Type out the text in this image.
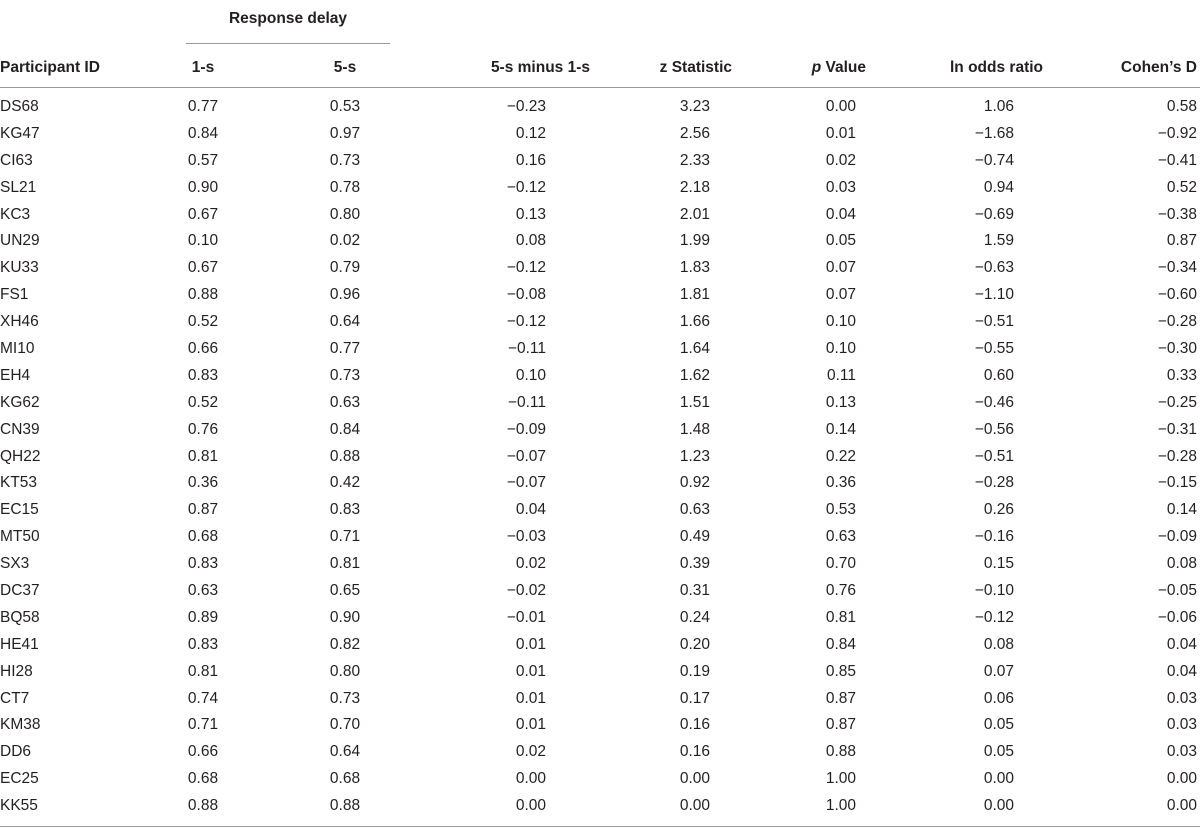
Response delay
Participant ID	1-s	5-s	5-s minus 1-s	z Statistic	p Value	ln odds ratio	Cohen’s D
DS68	0.77	0.53	−0.23	3.23	0.00	1.06	0.58
KG47	0.84	0.97	0.12	2.56	0.01	−1.68	−0.92
CI63	0.57	0.73	0.16	2.33	0.02	−0.74	−0.41
SL21	0.90	0.78	−0.12	2.18	0.03	0.94	0.52
KC3	0.67	0.80	0.13	2.01	0.04	−0.69	−0.38
UN29	0.10	0.02	0.08	1.99	0.05	1.59	0.87
KU33	0.67	0.79	−0.12	1.83	0.07	−0.63	−0.34
FS1	0.88	0.96	−0.08	1.81	0.07	−1.10	−0.60
XH46	0.52	0.64	−0.12	1.66	0.10	−0.51	−0.28
MI10	0.66	0.77	−0.11	1.64	0.10	−0.55	−0.30
EH4	0.83	0.73	0.10	1.62	0.11	0.60	0.33
KG62	0.52	0.63	−0.11	1.51	0.13	−0.46	−0.25
CN39	0.76	0.84	−0.09	1.48	0.14	−0.56	−0.31
QH22	0.81	0.88	−0.07	1.23	0.22	−0.51	−0.28
KT53	0.36	0.42	−0.07	0.92	0.36	−0.28	−0.15
EC15	0.87	0.83	0.04	0.63	0.53	0.26	0.14
MT50	0.68	0.71	−0.03	0.49	0.63	−0.16	−0.09
SX3	0.83	0.81	0.02	0.39	0.70	0.15	0.08
DC37	0.63	0.65	−0.02	0.31	0.76	−0.10	−0.05
BQ58	0.89	0.90	−0.01	0.24	0.81	−0.12	−0.06
HE41	0.83	0.82	0.01	0.20	0.84	0.08	0.04
HI28	0.81	0.80	0.01	0.19	0.85	0.07	0.04
CT7	0.74	0.73	0.01	0.17	0.87	0.06	0.03
KM38	0.71	0.70	0.01	0.16	0.87	0.05	0.03
DD6	0.66	0.64	0.02	0.16	0.88	0.05	0.03
EC25	0.68	0.68	0.00	0.00	1.00	0.00	0.00
KK55	0.88	0.88	0.00	0.00	1.00	0.00	0.00
